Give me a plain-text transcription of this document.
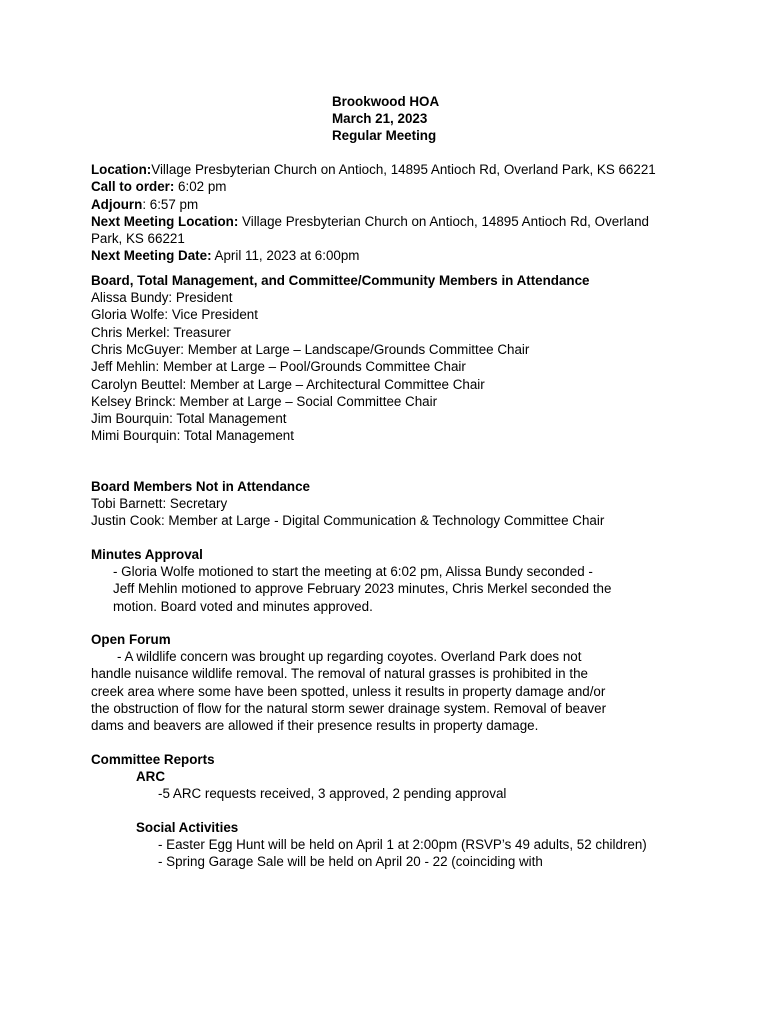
Brookwood HOA
March 21, 2023
Regular Meeting
Location:Village Presbyterian Church on Antioch, 14895 Antioch Rd, Overland Park, KS 66221
Call to order: 6:02 pm
Adjourn: 6:57 pm
Next Meeting Location: Village Presbyterian Church on Antioch, 14895 Antioch Rd, Overland Park, KS 66221
Next Meeting Date: April 11, 2023 at 6:00pm
Board, Total Management, and Committee/Community Members in Attendance
Alissa Bundy: President
Gloria Wolfe: Vice President
Chris Merkel: Treasurer
Chris McGuyer: Member at Large – Landscape/Grounds Committee Chair
Jeff Mehlin: Member at Large – Pool/Grounds Committee Chair
Carolyn Beuttel: Member at Large – Architectural Committee Chair
Kelsey Brinck: Member at Large – Social Committee Chair
Jim Bourquin: Total Management
Mimi Bourquin: Total Management
Board Members Not in Attendance
Tobi Barnett: Secretary
Justin Cook: Member at Large - Digital Communication & Technology Committee Chair
Minutes Approval
- Gloria Wolfe motioned to start the meeting at 6:02 pm, Alissa Bundy seconded -
Jeff Mehlin motioned to approve February 2023 minutes, Chris Merkel seconded the
motion. Board voted and minutes approved.
Open Forum
- A wildlife concern was brought up regarding coyotes. Overland Park does not
handle nuisance wildlife removal. The removal of natural grasses is prohibited in the
creek area where some have been spotted, unless it results in property damage and/or
the obstruction of flow for the natural storm sewer drainage system. Removal of beaver
dams and beavers are allowed if their presence results in property damage.
Committee Reports
ARC
-5 ARC requests received, 3 approved, 2 pending approval
Social Activities
- Easter Egg Hunt will be held on April 1 at 2:00pm (RSVP’s 49 adults, 52 children)
- Spring Garage Sale will be held on April 20 - 22 (coinciding with
